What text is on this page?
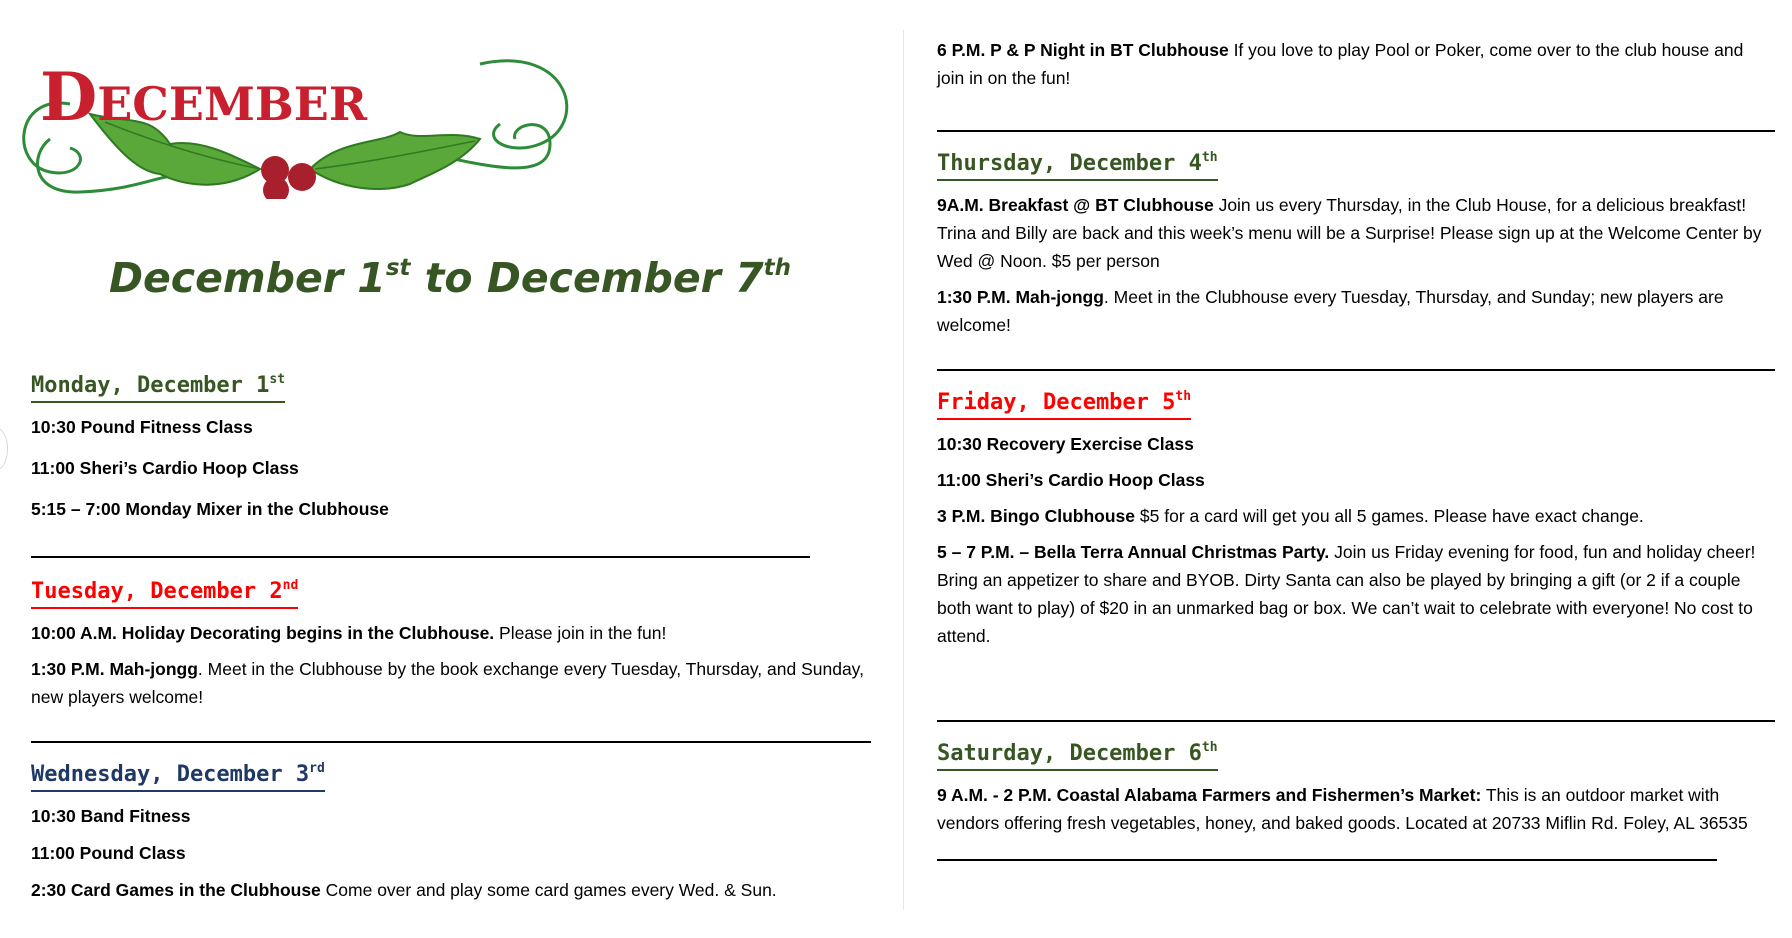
December
December 1st to December 7th
Monday, December 1st

10:30 Pound Fitness Class

11:00 Sheri’s Cardio Hoop Class

5:15 – 7:00 Monday Mixer in the Clubhouse

Tuesday, December 2nd

10:00 A.M. Holiday Decorating begins in the Clubhouse. Please join in the fun!

1:30 P.M. Mah-jongg. Meet in the Clubhouse by the book exchange every Tuesday, Thursday, and Sunday, new players welcome!

Wednesday, December 3rd

10:30 Band Fitness

11:00 Pound Class

2:30 Card Games in the Clubhouse Come over and play some card games every Wed. & Sun.

6 P.M. P & P Night in BT Clubhouse If you love to play Pool or Poker, come over to the club house and join in on the fun!

Thursday, December 4th

9A.M. Breakfast @ BT Clubhouse Join us every Thursday, in the Club House, for a delicious breakfast! Trina and Billy are back and this week’s menu will be a Surprise! Please sign up at the Welcome Center by Wed @ Noon. $5 per person

1:30 P.M. Mah-jongg. Meet in the Clubhouse every Tuesday, Thursday, and Sunday; new players are welcome!

Friday, December 5th

10:30 Recovery Exercise Class

11:00 Sheri’s Cardio Hoop Class

3 P.M. Bingo Clubhouse $5 for a card will get you all 5 games. Please have exact change.

5 – 7 P.M. – Bella Terra Annual Christmas Party. Join us Friday evening for food, fun and holiday cheer! Bring an appetizer to share and BYOB. Dirty Santa can also be played by bringing a gift (or 2 if a couple both want to play) of $20 in an unmarked bag or box. We can’t wait to celebrate with everyone! No cost to attend.

Saturday, December 6th

9 A.M. - 2 P.M. Coastal Alabama Farmers and Fishermen’s Market: This is an outdoor market with vendors offering fresh vegetables, honey, and baked goods. Located at 20733 Miflin Rd. Foley, AL 36535
